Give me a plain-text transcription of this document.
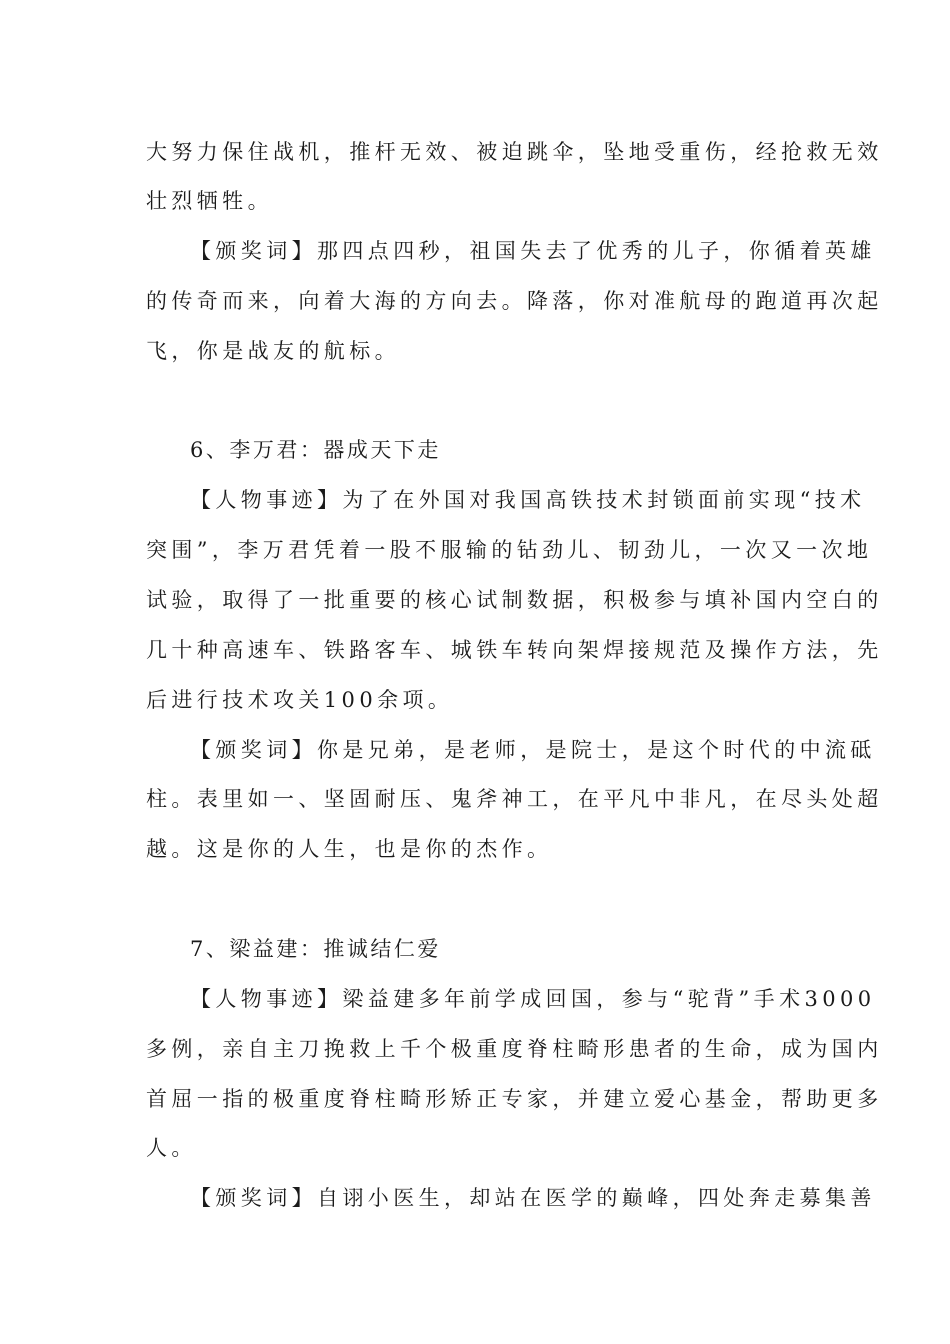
大努力保住战机，推杆无效、被迫跳伞，坠地受重伤，经抢救无效
壮烈牺牲。
【颁奖词】那四点四秒，祖国失去了优秀的儿子，你循着英雄
的传奇而来，向着大海的方向去。降落，你对准航母的跑道再次起
飞，你是战友的航标。
6、李万君：器成天下走
【人物事迹】为了在外国对我国高铁技术封锁面前实现“技术
突围”，李万君凭着一股不服输的钻劲儿、韧劲儿，一次又一次地
试验，取得了一批重要的核心试制数据，积极参与填补国内空白的
几十种高速车、铁路客车、城铁车转向架焊接规范及操作方法，先
后进行技术攻关100余项。
【颁奖词】你是兄弟，是老师，是院士，是这个时代的中流砥
柱。表里如一、坚固耐压、鬼斧神工，在平凡中非凡，在尽头处超
越。这是你的人生，也是你的杰作。
7、梁益建：推诚结仁爱
【人物事迹】梁益建多年前学成回国，参与“驼背”手术3000
多例，亲自主刀挽救上千个极重度脊柱畸形患者的生命，成为国内
首屈一指的极重度脊柱畸形矫正专家，并建立爱心基金，帮助更多
人。
【颁奖词】自诩小医生，却站在医学的巅峰，四处奔走募集善
